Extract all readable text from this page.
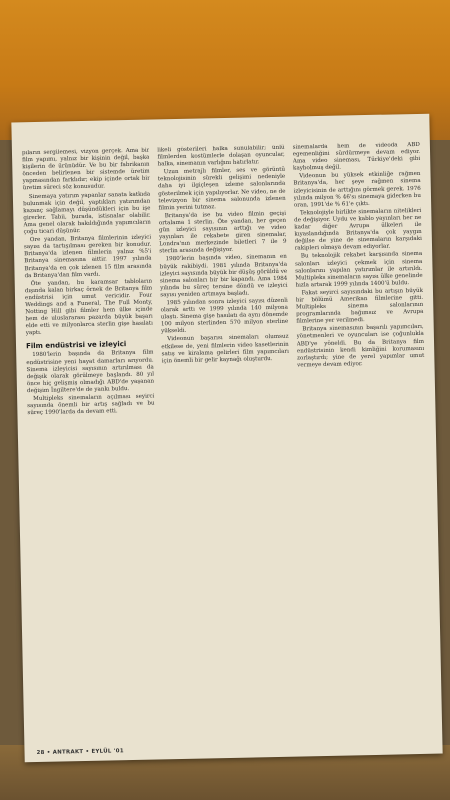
pıların sergilemesi, vizyon gerçek. Ama bir film yapımı, yalnız bir kişinin değil, başka kişilerin de ürünüdür. Ve bu bir fabrikanın önceden belirlenen bir sistemde üretim yapmasından farklıdır; ekip içinde ortak bir üretim süreci söz konusudur.

Sinemaya yatırım yapanlar sanata katkıda bulunmak için değil, yaptıkları yatırımdan kazanç sağlamayı düşündükleri için bu işe girerler. Tabii, burada, istisnalar olabilir. Ama genel olarak bakıldığında yapımcıların çoğu ticari düşünür.

Ore yandan, Britanya filmlerinin izleyici sayısı da tartışılması gereken bir konudur. Britanya'da izlenen filmlerin yalnız %5'i Britanya sinemasına aittir. 1997 yılında Britanya'da en çok izlenen 15 film arasında da Britanya'dan film vardı.

Öte yandan, bu karamsar tabloların dışında kalan birkaç örnek de Britanya film endüstrisi için umut vericidir. Four Weddings and a Funeral, The Full Monty, Notting Hill gibi filmler hem ülke içinde hem de uluslararası pazarda büyük başarı elde etti ve milyonlarca sterlin gişe hasılatı yaptı.

Film endüstrisi ve izleyici

1980'lerin başında da Britanya film endüstrisine yeni hayat damarları arıyordu. Sinema izleyicisi sayısının artırılması da değişik olarak görülmeye başlandı. 80 yıl önce hiç gelişmiş olmadığı ABD'de yaşanan değişim İngiltere'de de yankı buldu.

Multipleks sinemaların açılması seyirci sayısında önemli bir artış sağladı ve bu süreç 1990'larda da devam etti.

likeli gösterileri halka sunulabilir; ünlü filmlerden kostümlerle dolaşan oyuncular, halka, sinemanın varlığını hatırlatır.

Uzun metrajlı filmler, ses ve görüntü teknolojisinin sürekli gelişimi nedeniyle daha iyi ilgiçleşen izleme salonlarında gösterilmek için yapılıyorlar. Ne video, ne de televizyon bir sinema salonunda izlenen filmin yerini tutmaz.

Britanya'da ise bu video filmin geçişi ortalama 1 sterlin. Öte yandan, her geçen gün izleyici sayısının arttığı ve video yayınları ile rekabete giren sinemalar, Londra'nın merkezinde biletleri 7 ile 9 sterlin arasında değişiyor.

1980'lerin başında video, sinemanın en büyük rakibiydi. 1981 yılında Britanya'da izleyici sayısında büyük bir düşüş görüldü ve sinema salonları bir bir kapandı. Ama 1984 yılında bu süreç tersine döndü ve izleyici sayısı yeniden artmaya başladı.

1985 yılından sonra izleyici sayısı düzenli olarak arttı ve 1999 yılında 140 milyona ulaştı. Sinema gişe hasılatı da aynı dönemde 100 milyon sterlinden 570 milyon sterline yükseldi.

Videonun başarısı sinemaları olumsuz etkilese de, yeni filmlerin video kasetlerinin satış ve kiralama gelirleri film yapımcıları için önemli bir gelir kaynağı oluşturdu.

sinemalarda hem de videoda ABD egemenliğini sürdürmeye devam ediyor. Ama video sineması, Türkiye'deki gibi kaybolmuş değil.

Videonun bu yüksek etkinliğe rağmen Britanya'da, her şeye rağmen sinema izleyicisinin de arttığını görmek gerek. 1976 yılında milyon % 46'sı sinemaya giderken bu oran, 1991'de % 61'e çıktı.

Teknolojiyle birlikte sinemaların nitelikleri de değişiyor. Uydu ve kablo yayınları her ne kadar diğer Avrupa ülkeleri ile kıyaslandığında Britanya'da çok yaygın değilse de yine de sinemaların karşıdaki rakipleri olmaya devam ediyorlar.

Bu teknolojik rekabet karşısında sinema salonları izleyici çekmek için sinema salonlarını yapılan yatırımlar ile artırıldı. Multipleks sinemaların sayısı ülke genelinde hızla artarak 1999 yılında 1400'ü buldu.

Fakat seyirci sayısındaki bu artışın büyük bir bölümü Amerikan filmlerine gitti. Multipleks sinema salonlarının programlarında bağımsız ve Avrupa filmlerine yer verilmedi.

Britanya sinemasının başarılı yapımcıları, yönetmenleri ve oyuncuları ise çoğunlukla ABD'ye yöneldi. Bu da Britanya film endüstrisinin kendi kimliğini korumasını zorlaştırdı; yine de yerel yapımlar umut vermeye devam ediyor.

28 • ANTRAKT • EYLÜL '01
